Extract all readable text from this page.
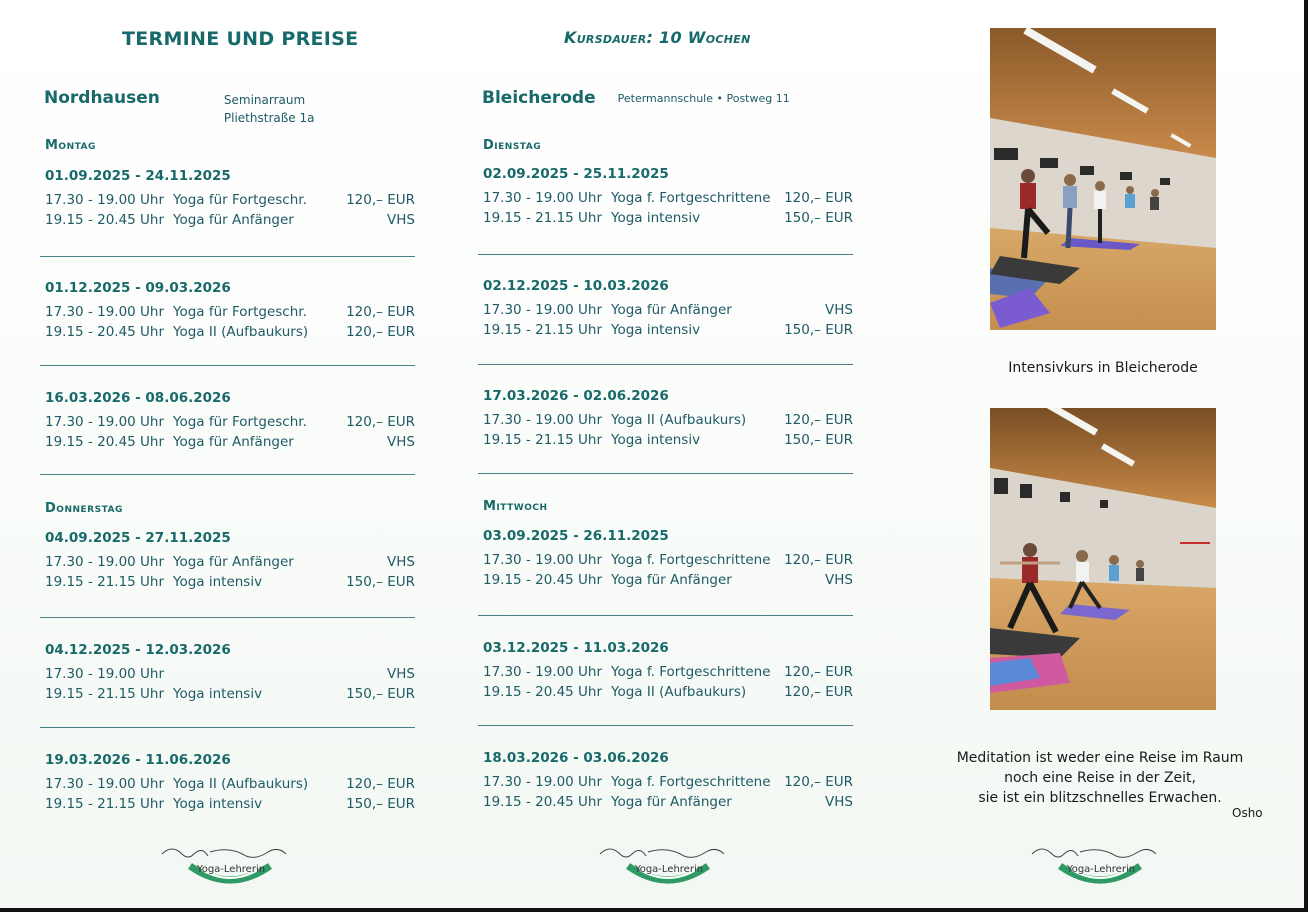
TERMINE UND PREISE
Nordhausen	Seminarraum
Pliethstraße 1a
Montag
01.09.2025 - 24.11.2025
17.30 - 19.00 Uhr Yoga für Fortgeschr.	120,– EUR
19.15 - 20.45 Uhr Yoga für Anfänger	VHS
01.12.2025 - 09.03.2026
17.30 - 19.00 Uhr Yoga für Fortgeschr.	120,– EUR
19.15 - 20.45 Uhr Yoga II (Aufbaukurs)	120,– EUR
16.03.2026 - 08.06.2026
17.30 - 19.00 Uhr Yoga für Fortgeschr.	120,– EUR
19.15 - 20.45 Uhr Yoga für Anfänger	VHS
Donnerstag
04.09.2025 - 27.11.2025
17.30 - 19.00 Uhr Yoga für Anfänger	VHS
19.15 - 21.15 Uhr Yoga intensiv	150,– EUR
04.12.2025 - 12.03.2026
17.30 - 19.00 Uhr	VHS
19.15 - 21.15 Uhr Yoga intensiv	150,– EUR
19.03.2026 - 11.06.2026
17.30 - 19.00 Uhr Yoga II (Aufbaukurs)	120,– EUR
19.15 - 21.15 Uhr Yoga intensiv	150,– EUR
Yoga-Lehrerin
Kursdauer: 10 Wochen
Bleicherode Petermannschule • Postweg 11
Dienstag
02.09.2025 - 25.11.2025
17.30 - 19.00 Uhr Yoga f. Fortgeschrittene	120,– EUR
19.15 - 21.15 Uhr Yoga intensiv	150,– EUR
02.12.2025 - 10.03.2026
17.30 - 19.00 Uhr Yoga für Anfänger	VHS
19.15 - 21.15 Uhr Yoga intensiv	150,– EUR
17.03.2026 - 02.06.2026
17.30 - 19.00 Uhr Yoga II (Aufbaukurs)	120,– EUR
19.15 - 21.15 Uhr Yoga intensiv	150,– EUR
Mittwoch
03.09.2025 - 26.11.2025
17.30 - 19.00 Uhr Yoga f. Fortgeschrittene	120,– EUR
19.15 - 20.45 Uhr Yoga für Anfänger	VHS
03.12.2025 - 11.03.2026
17.30 - 19.00 Uhr Yoga f. Fortgeschrittene	120,– EUR
19.15 - 20.45 Uhr Yoga II (Aufbaukurs)	120,– EUR
18.03.2026 - 03.06.2026
17.30 - 19.00 Uhr Yoga f. Fortgeschrittene	120,– EUR
19.15 - 20.45 Uhr Yoga für Anfänger	VHS
Yoga-Lehrerin
Intensivkurs in Bleicherode
Meditation ist weder eine Reise im Raum
noch eine Reise in der Zeit,
sie ist ein blitzschnelles Erwachen.
Osho
Yoga-Lehrerin
